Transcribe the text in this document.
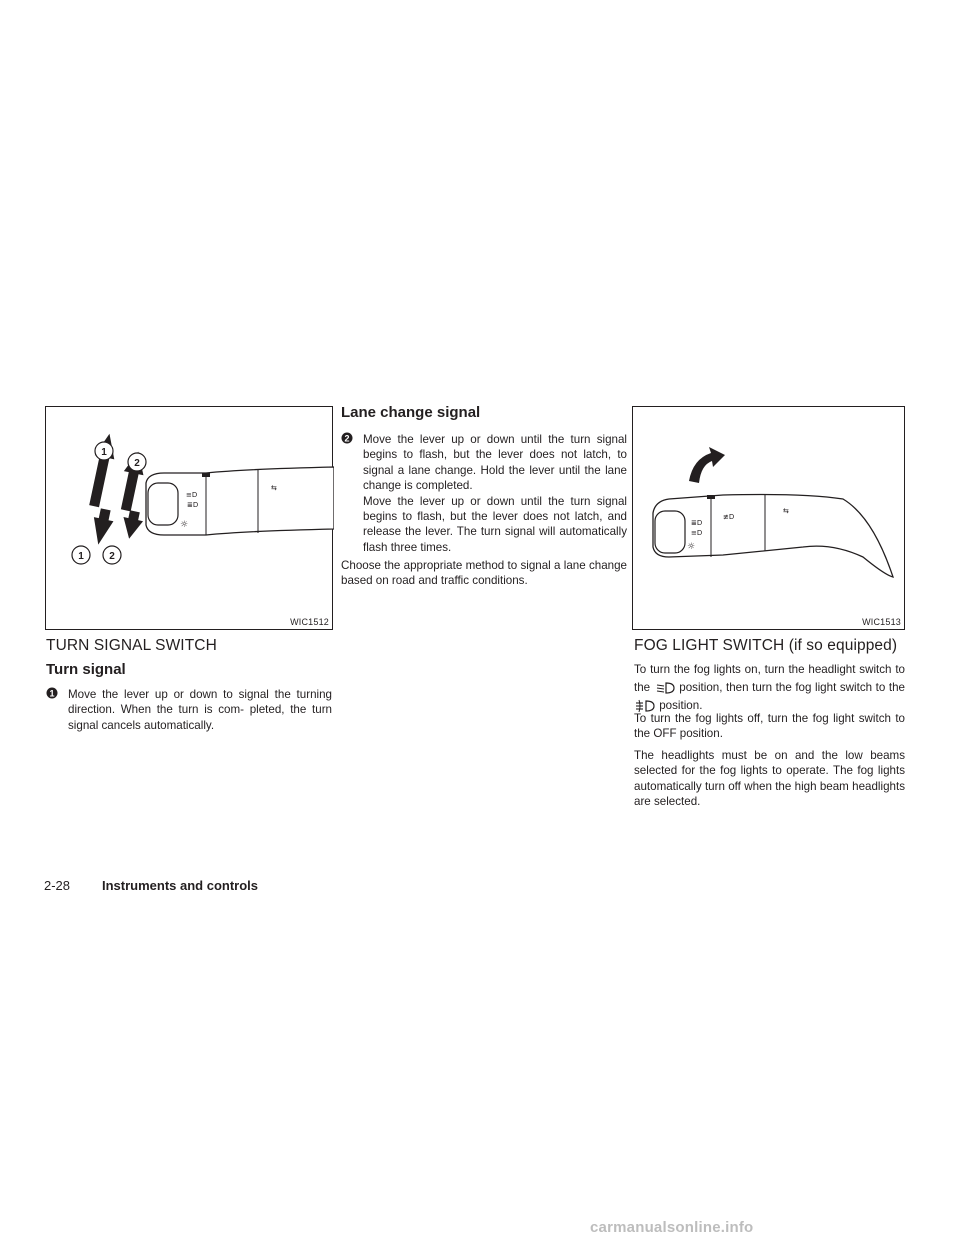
≡D
≣D
☼
⇆
1
2
1	2
WIC1512
TURN SIGNAL SWITCH
Turn signal
1 Move the lever up or down to signal the turning direction. When the turn is com- pleted, the turn signal cancels automatically.
Lane change signal
2 Move the lever up or down until the turn signal begins to flash, but the lever does not latch, to signal a lane change. Hold the lever until the lane change is completed.
Move the lever up or down until the turn signal begins to flash, but the lever does not latch, and release the lever. The turn signal will automatically flash three times.

Choose the appropriate method to signal a lane change based on road and traffic conditions.

≣D
≡D
≢D
☼
⇆
WIC1513
FOG LIGHT SWITCH (if so equipped)

To turn the fog lights on, turn the headlight switch to the	position, then turn the fog light switch to the  position.

To turn the fog lights off, turn the fog light switch to the OFF position.

The headlights must be on and the low beams selected for the fog lights to operate. The fog lights automatically turn off when the high beam headlights are selected.

2-28 Instruments and controls
carmanualsonline.info
